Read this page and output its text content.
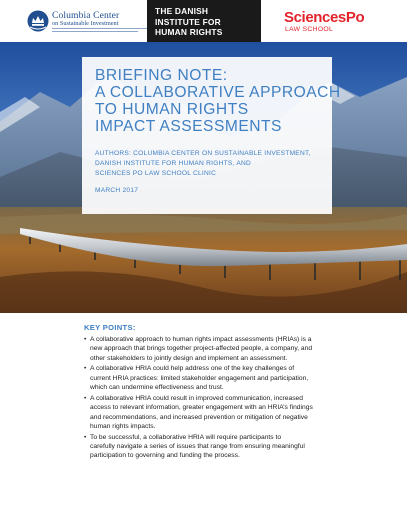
Columbia Center
on Sustainable Investment
THE DANISH
INSTITUTE FOR
HUMAN RIGHTS
SciencesPo
LAW SCHOOL
BRIEFING NOTE:
A COLLABORATIVE APPROACH
TO HUMAN RIGHTS
IMPACT ASSESSMENTS
AUTHORS: COLUMBIA CENTER ON SUSTAINABLE INVESTMENT,
DANISH INSTITUTE FOR HUMAN RIGHTS, AND
SCIENCES PO LAW SCHOOL CLINIC
MARCH 2017
KEY POINTS:
• A collaborative approach to human rights impact assessments (HRIAs) is a
new approach that brings together project-affected people, a company, and
other stakeholders to jointly design and implement an assessment.
• A collaborative HRIA could help address one of the key challenges of
current HRIA practices: limited stakeholder engagement and participation,
which can undermine effectiveness and trust.
• A collaborative HRIA could result in improved communication, increased
access to relevant information, greater engagement with an HRIA’s findings
and recommendations, and increased prevention or mitigation of negative
human rights impacts.
• To be successful, a collaborative HRIA will require participants to
carefully navigate a series of issues that range from ensuring meaningful
participation to governing and funding the process.
